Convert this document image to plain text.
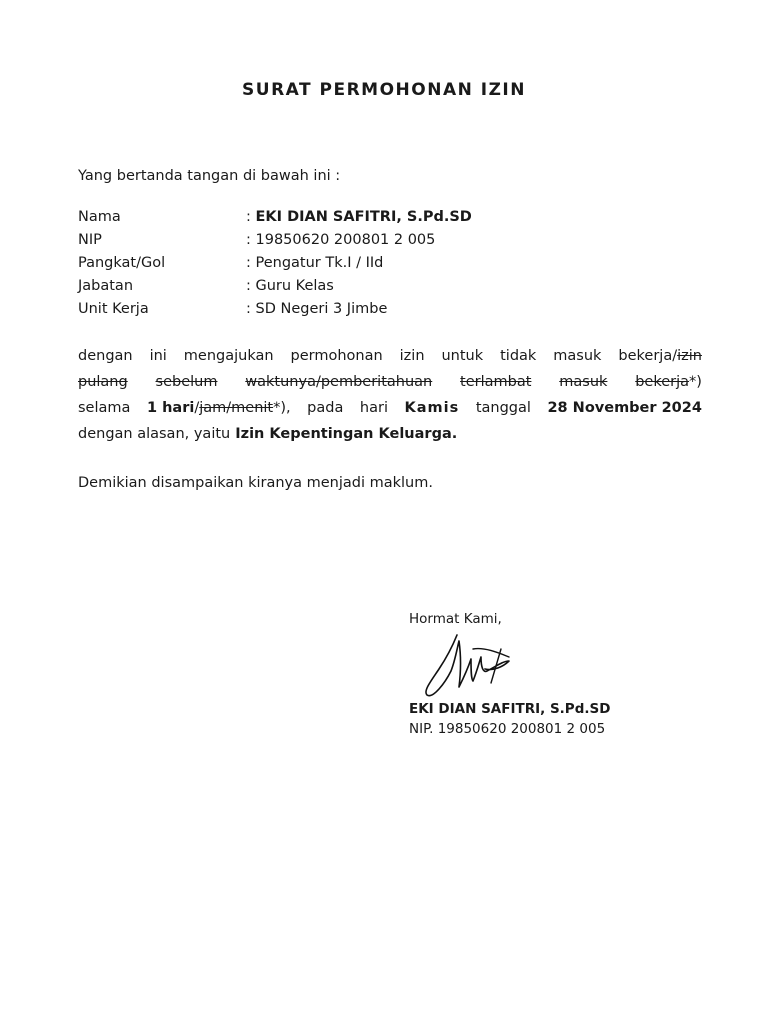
SURAT PERMOHONAN IZIN
Yang bertanda tangan di bawah ini :
Nama	: EKI DIAN SAFITRI, S.Pd.SD
NIP	: 19850620 200801 2 005
Pangkat/Gol	: Pengatur Tk.I / IId
Jabatan	: Guru Kelas
Unit Kerja	: SD Negeri 3 Jimbe
dengan ini mengajukan permohonan izin untuk tidak masuk bekerja/izin
pulang sebelum waktunya/pemberitahuan terlambat masuk bekerja*)
selama 1 hari/jam/menit*), pada hari Kamis tanggal 28 November 2024
dengan alasan, yaitu Izin Kepentingan Keluarga.
Demikian disampaikan kiranya menjadi maklum.
Hormat Kami,
EKI DIAN SAFITRI, S.Pd.SD
NIP. 19850620 200801 2 005
